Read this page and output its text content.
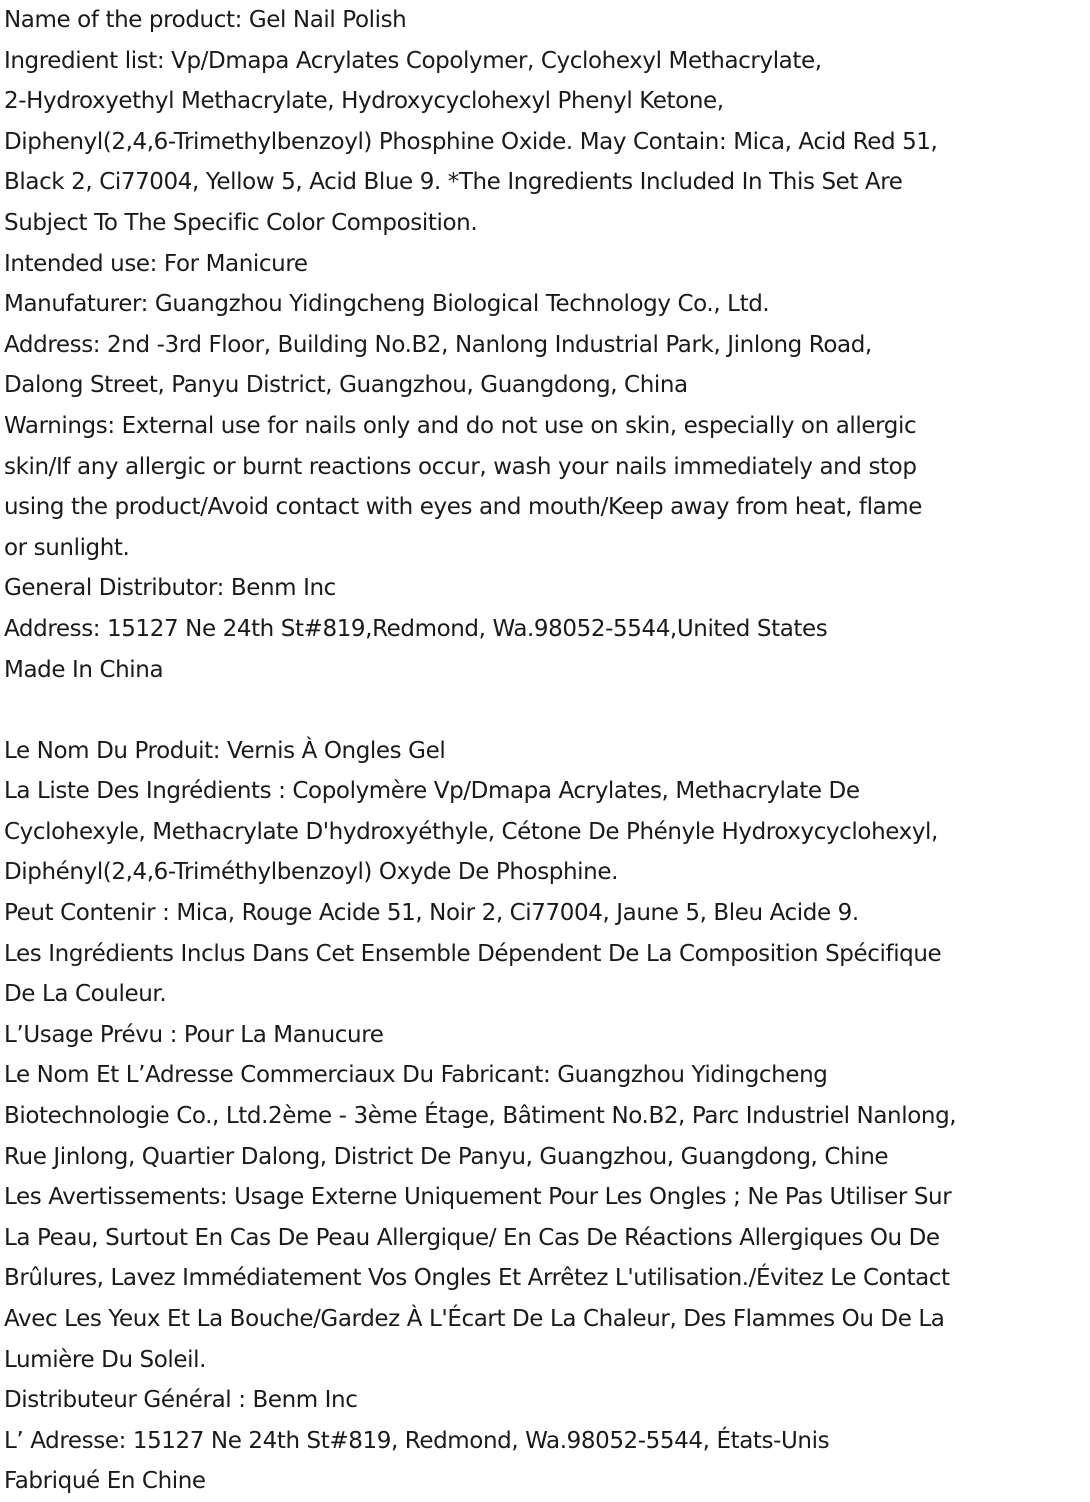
Name of the product: Gel Nail Polish
Ingredient list: Vp/Dmapa Acrylates Copolymer, Cyclohexyl Methacrylate,
2-Hydroxyethyl Methacrylate, Hydroxycyclohexyl Phenyl Ketone,
Diphenyl(2,4,6-Trimethylbenzoyl) Phosphine Oxide. May Contain: Mica, Acid Red 51,
Black 2, Ci77004, Yellow 5, Acid Blue 9. *The Ingredients Included In This Set Are
Subject To The Specific Color Composition.
Intended use: For Manicure
Manufaturer: Guangzhou Yidingcheng Biological Technology Co., Ltd.
Address: 2nd -3rd Floor, Building No.B2, Nanlong Industrial Park, Jinlong Road,
Dalong Street, Panyu District, Guangzhou, Guangdong, China
Warnings: External use for nails only and do not use on skin, especially on allergic
skin/If any allergic or burnt reactions occur, wash your nails immediately and stop
using the product/Avoid contact with eyes and mouth/Keep away from heat, flame
or sunlight.
General Distributor: Benm Inc
Address: 15127 Ne 24th St#819,Redmond, Wa.98052-5544,United States
Made In China
Le Nom Du Produit: Vernis À Ongles Gel
La Liste Des Ingrédients : Copolymère Vp/Dmapa Acrylates, Methacrylate De
Cyclohexyle, Methacrylate D'hydroxyéthyle, Cétone De Phényle Hydroxycyclohexyl,
Diphényl(2,4,6-Triméthylbenzoyl) Oxyde De Phosphine.
Peut Contenir : Mica, Rouge Acide 51, Noir 2, Ci77004, Jaune 5, Bleu Acide 9.
Les Ingrédients Inclus Dans Cet Ensemble Dépendent De La Composition Spécifique
De La Couleur.
L’Usage Prévu : Pour La Manucure
Le Nom Et L’Adresse Commerciaux Du Fabricant: Guangzhou Yidingcheng
Biotechnologie Co., Ltd.2ème - 3ème Étage, Bâtiment No.B2, Parc Industriel Nanlong,
Rue Jinlong, Quartier Dalong, District De Panyu, Guangzhou, Guangdong, Chine
Les Avertissements: Usage Externe Uniquement Pour Les Ongles ; Ne Pas Utiliser Sur
La Peau, Surtout En Cas De Peau Allergique/ En Cas De Réactions Allergiques Ou De
Brûlures, Lavez Immédiatement Vos Ongles Et Arrêtez L'utilisation./Évitez Le Contact
Avec Les Yeux Et La Bouche/Gardez À L'Écart De La Chaleur, Des Flammes Ou De La
Lumière Du Soleil.
Distributeur Général : Benm Inc
L’ Adresse: 15127 Ne 24th St#819, Redmond, Wa.98052-5544, États-Unis
Fabriqué En Chine
